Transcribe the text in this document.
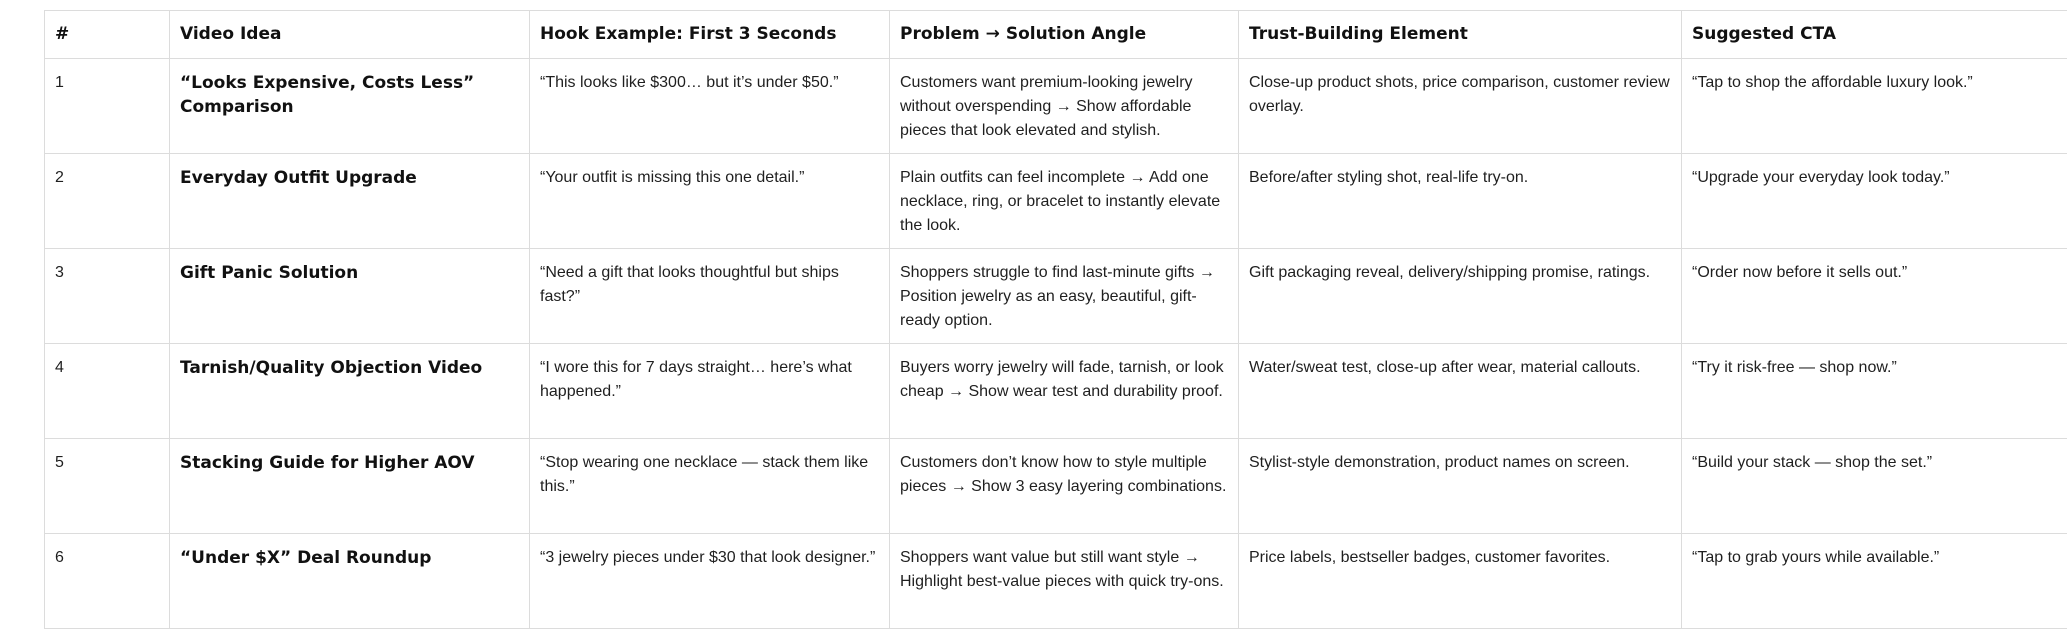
#	Video Idea	Hook Example: First 3 Seconds	Problem → Solution Angle	Trust-Building Element	Suggested CTA
1	“Looks Expensive, Costs Less” Comparison	“This looks like $300… but it’s under $50.”	Customers want premium-looking jewelry without overspending → Show affordable pieces that look elevated and stylish.	Close-up product shots, price comparison, customer review overlay.	“Tap to shop the affordable luxury look.”
2	Everyday Outfit Upgrade	“Your outfit is missing this one detail.”	Plain outfits can feel incomplete → Add one necklace, ring, or bracelet to instantly elevate the look.	Before/after styling shot, real-life try-on.	“Upgrade your everyday look today.”
3	Gift Panic Solution	“Need a gift that looks thoughtful but ships fast?”	Shoppers struggle to find last-minute gifts → Position jewelry as an easy, beautiful, gift-ready option.	Gift packaging reveal, delivery/shipping promise, ratings.	“Order now before it sells out.”
4	Tarnish/Quality Objection Video	“I wore this for 7 days straight… here’s what happened.”	Buyers worry jewelry will fade, tarnish, or look cheap → Show wear test and durability proof.	Water/sweat test, close-up after wear, material callouts.	“Try it risk-free — shop now.”
5	Stacking Guide for Higher AOV	“Stop wearing one necklace — stack them like this.”	Customers don’t know how to style multiple pieces → Show 3 easy layering combinations.	Stylist-style demonstration, product names on screen.	“Build your stack — shop the set.”
6	“Under $X” Deal Roundup	“3 jewelry pieces under $30 that look designer.”	Shoppers want value but still want style → Highlight best-value pieces with quick try-ons.	Price labels, bestseller badges, customer favorites.	“Tap to grab yours while available.”
